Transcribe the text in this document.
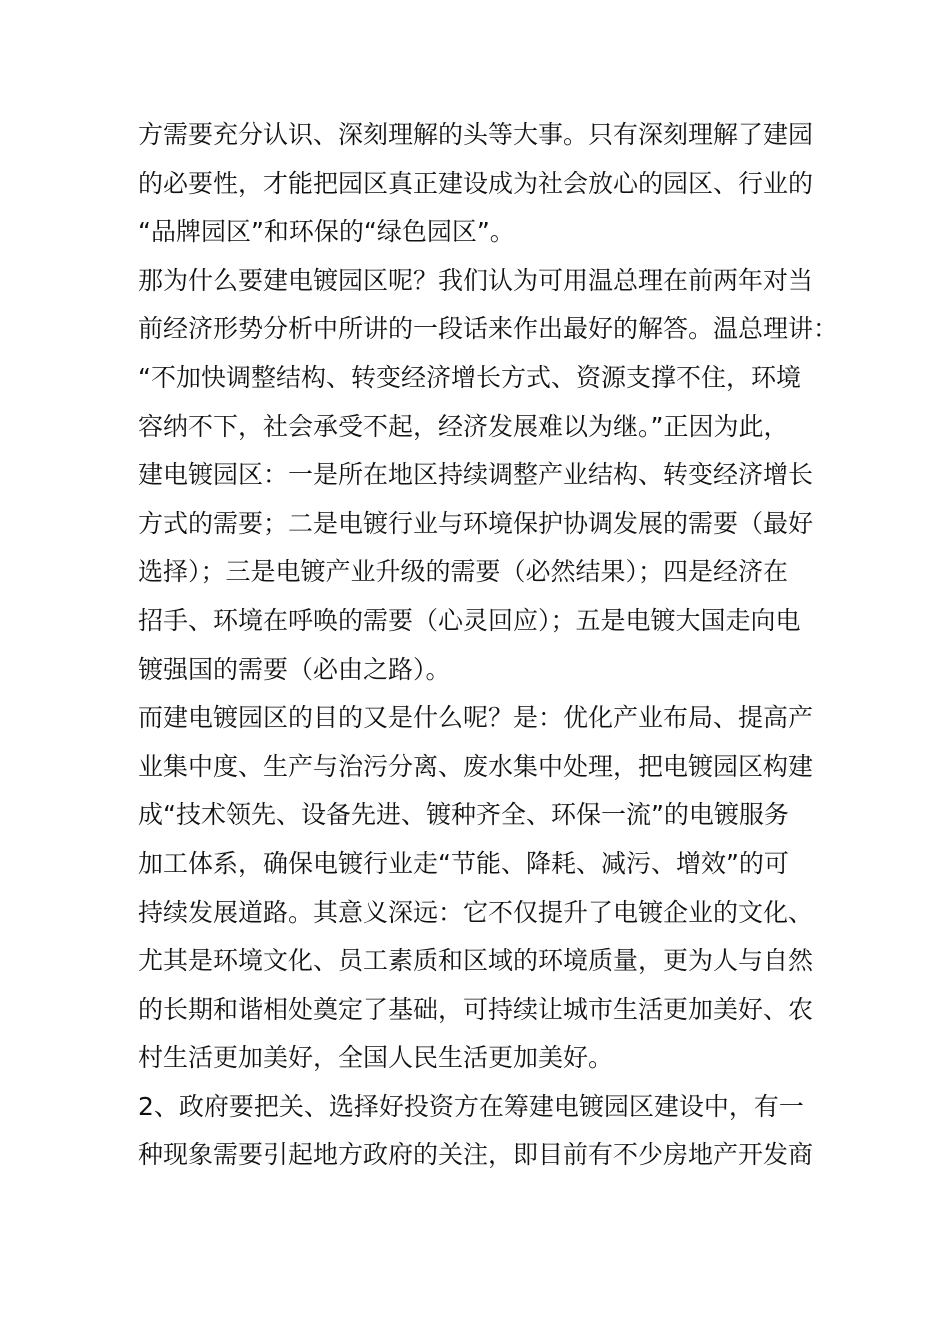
方需要充分认识、深刻理解的头等大事。只有深刻理解了建园
的必要性，才能把园区真正建设成为社会放心的园区、行业的
“品牌园区”和环保的“绿色园区”。
那为什么要建电镀园区呢？我们认为可用温总理在前两年对当
前经济形势分析中所讲的一段话来作出最好的解答。温总理讲：
“不加快调整结构、转变经济增长方式、资源支撑不住，环境
容纳不下，社会承受不起，经济发展难以为继。”正因为此，
建电镀园区：一是所在地区持续调整产业结构、转变经济增长
方式的需要；二是电镀行业与环境保护协调发展的需要（最好
选择）；三是电镀产业升级的需要（必然结果）；四是经济在
招手、环境在呼唤的需要（心灵回应）；五是电镀大国走向电
镀强国的需要（必由之路）。
而建电镀园区的目的又是什么呢？是：优化产业布局、提高产
业集中度、生产与治污分离、废水集中处理，把电镀园区构建
成“技术领先、设备先进、镀种齐全、环保一流”的电镀服务
加工体系，确保电镀行业走“节能、降耗、减污、增效”的可
持续发展道路。其意义深远：它不仅提升了电镀企业的文化、
尤其是环境文化、员工素质和区域的环境质量，更为人与自然
的长期和谐相处奠定了基础，可持续让城市生活更加美好、农
村生活更加美好，全国人民生活更加美好。
2、政府要把关、选择好投资方在筹建电镀园区建设中，有一
种现象需要引起地方政府的关注，即目前有不少房地产开发商
